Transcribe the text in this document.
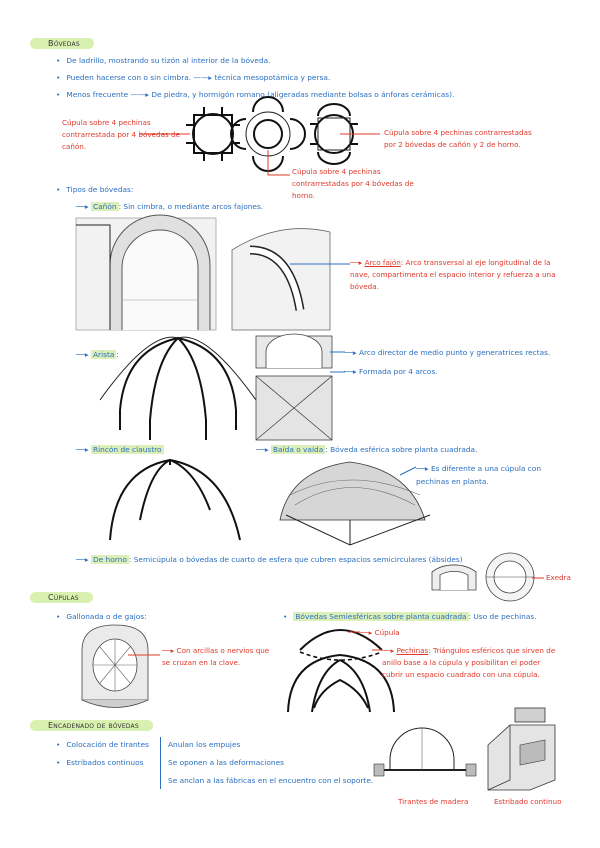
Bóvedas
• De ladrillo, mostrando su tizón al interior de la bóveda.
• Pueden hacerse con o sin cimbra. ——▸ técnica mesopotámica y persa.
• Menos frecuente ——▸ De piedra, y hormigón romano (aligeradas mediante bolsas o ánforas cerámicas).
Cúpula sobre 4 pechinas contrarrestada por 4 bóvedas de cañón.
Cúpula sobre 4 pechinas contrarrestadas por 2 bóvedas de cañón y 2 de horno.
Cúpula sobre 4 pechinas contrarrestadas por 4 bóvedas de horno.
• Tipos de bóvedas:
──▸ Cañón : Sin cimbra, o mediante arcos fajones.
──▸ Arco fajón: Arco transversal al eje longitudinal de la nave, compartimenta el espacio interior y refuerza a una bóveda.
──▸ Arista :	──▸ Arco director de medio punto y generatrices rectas.
──▸ Formada por 4 arcos.
──▸ Rincón de claustro	──▸ Baída o vaída : Bóveda esférica sobre planta cuadrada.
──▸ Es diferente a una cúpula con pechinas en planta.
──▸ De horno : Semicúpula o bóvedas de cuarto de esfera que cubren espacios semicirculares (ábsides)
Exedra
Cúpulas
• Gallonada o de gajos:
──▸ Con arcillas o nervios que se cruzan en la clave.
• Bóvedas Semiesféricas sobre planta cuadrada : Uso de pechinas.
──▸ Cúpula
──▸ Pechinas: Triángulos esféricos que sirven de anillo base a la cúpula y posibilitan el poder cubrir un espacio cuadrado con una cúpula.
Encadenado de bóvedas
• Colocación de tirantes
• Estribados continuos
Anulan los empujes
Se oponen a las deformaciones
Se anclan a las fábricas en el encuentro con el soporte.
Tirantes de madera	Estribado continuo
